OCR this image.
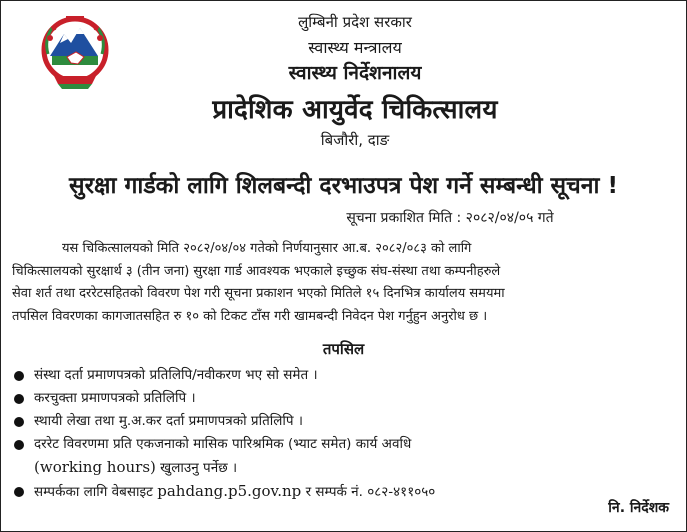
लुम्बिनी प्रदेश सरकार
स्वास्थ्य मन्त्रालय
स्वास्थ्य निर्देशनालय
प्रादेशिक आयुर्वेद चिकित्सालय
बिजौरी, दाङ
सुरक्षा गार्डको लागि शिलबन्दी दरभाउपत्र पेश गर्ने सम्बन्धी सूचना !
सूचना प्रकाशित मिति : २०८२/०४/०५ गते
यस चिकित्सालयको मिति २०८२/०४/०४ गतेको निर्णयानुसार आ.ब. २०८२/०८३ को लागि
चिकित्सालयको सुरक्षार्थ ३ (तीन जना) सुरक्षा गार्ड आवश्यक भएकाले इच्छुक संघ-संस्था तथा कम्पनीहरुले
सेवा शर्त तथा दररेटसहितको विवरण पेश गरी सूचना प्रकाशन भएको मितिले १५ दिनभित्र कार्यालय समयमा
तपसिल विवरणका कागजातसहित रु १० को टिकट टाँस गरी खामबन्दी निवेदन पेश गर्नुहुन अनुरोध छ ।
तपसिल
संस्था दर्ता प्रमाणपत्रको प्रतिलिपि/नवीकरण भए सो समेत ।
करचुक्ता प्रमाणपत्रको प्रतिलिपि ।
स्थायी लेखा तथा मु.अ.कर दर्ता प्रमाणपत्रको प्रतिलिपि ।
दररेट विवरणमा प्रति एकजनाको मासिक पारिश्रमिक (भ्याट समेत) कार्य अवधि
(working hours) खुलाउनु पर्नेछ ।
सम्पर्कका लागि वेबसाइट pahdang.p5.gov.np र सम्पर्क नं. ०८२-४११०५०
नि. निर्देशक
